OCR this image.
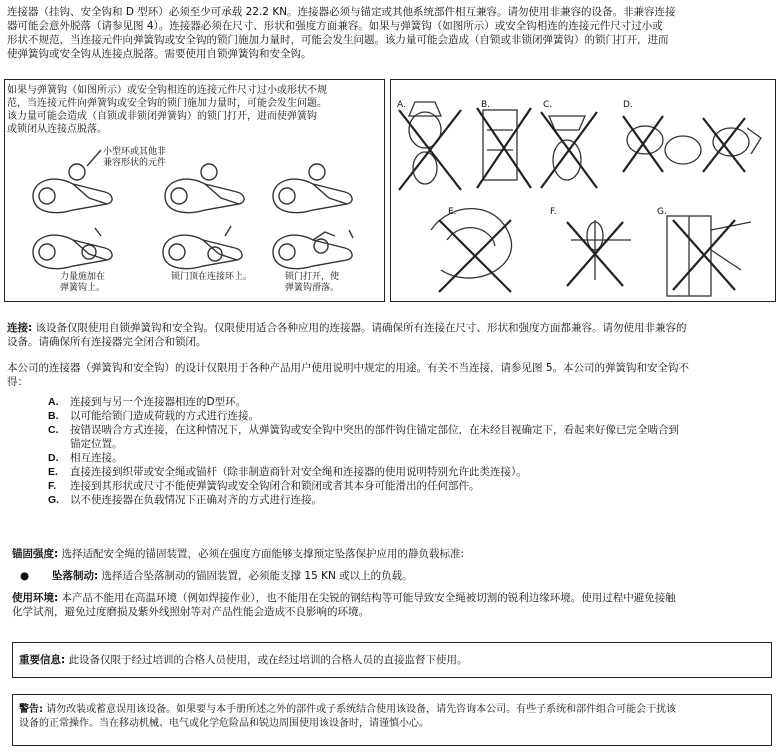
连接器（挂钩、安全钩和 D 型环）必须至少可承载 22.2 KN。连接器必须与锚定或其他系统部件相互兼容。请勿使用非兼容的设备。非兼容连接
器可能会意外脱落（请参见图 4）。连接器必须在尺寸、形状和强度方面兼容。如果与弹簧钩（如图所示）或安全钩相连的连接元件尺寸过小或
形状不规范，当连接元件向弹簧钩或安全钩的锁门施加力量时，可能会发生问题。该力量可能会造成（自锁或非锁闭弹簧钩）的锁门打开，进而
使弹簧钩或安全钩从连接点脱落。需要使用自锁弹簧钩和安全钩。
如果与弹簧钩（如图所示）或安全钩相连的连接元件尺寸过小或形状不规
范，当连接元件向弹簧钩或安全钩的锁门施加力量时，可能会发生问题。
该力量可能会造成（自锁或非锁闭弹簧钩）的锁门打开，进而使弹簧钩
或锁闭从连接点脱落。
小型环或其他非
兼容形状的元件
力量施加在
弹簧钩上。
锁门顶在连接环上。	锁门打开，使
弹簧钩滑落。
A.	B.	C.	D.
E.	F.	G.
连接: 该设备仅限使用自锁弹簧钩和安全钩。仅限使用适合各种应用的连接器。请确保所有连接在尺寸、形状和强度方面都兼容。请勿使用非兼容的
设备。请确保所有连接器完全闭合和锁闭。
本公司的连接器（弹簧钩和安全钩）的设计仅限用于各种产品用户使用说明中规定的用途。有关不当连接，请参见图 5。本公司的弹簧钩和安全钩不
得：
A. 连接到与另一个连接器相连的D型环。
B. 以可能给锁门造成荷载的方式进行连接。
C. 按错误啮合方式连接，在这种情况下，从弹簧钩或安全钩中突出的部件钩住锚定部位，在未经目视确定下，看起来好像已完全啮合到
锚定位置。
D. 相互连接。
E. 直接连接到织带或安全绳或锚杆（除非制造商针对安全绳和连接器的使用说明特别允许此类连接）。
F. 连接到其形状或尺寸不能使弹簧钩或安全钩闭合和锁闭或者其本身可能滑出的任何部件。
G. 以不使连接器在负载情况下正确对齐的方式进行连接。
锚固强度: 选择适配安全绳的锚固装置，必须在强度方面能够支撑预定坠落保护应用的静负载标准:
● 坠落制动: 选择适合坠落制动的锚固装置，必须能支撑 15 KN 或以上的负载。
使用环境: 本产品不能用在高温环境（例如焊接作业），也不能用在尖锐的钢结构等可能导致安全绳被切割的锐利边缘环境。使用过程中避免接触
化学试剂，避免过度磨损及紫外线照射等对产品性能会造成不良影响的环境。
重要信息: 此设备仅限于经过培训的合格人员使用，或在经过培训的合格人员的直接监督下使用。
警告: 请勿改装或蓄意误用该设备。如果要与本手册所述之外的部件或子系统结合使用该设备，请先咨询本公司。有些子系统和部件组合可能会干扰该
设备的正常操作。当在移动机械、电气或化学危险品和锐边周围使用该设备时，请谨慎小心。
